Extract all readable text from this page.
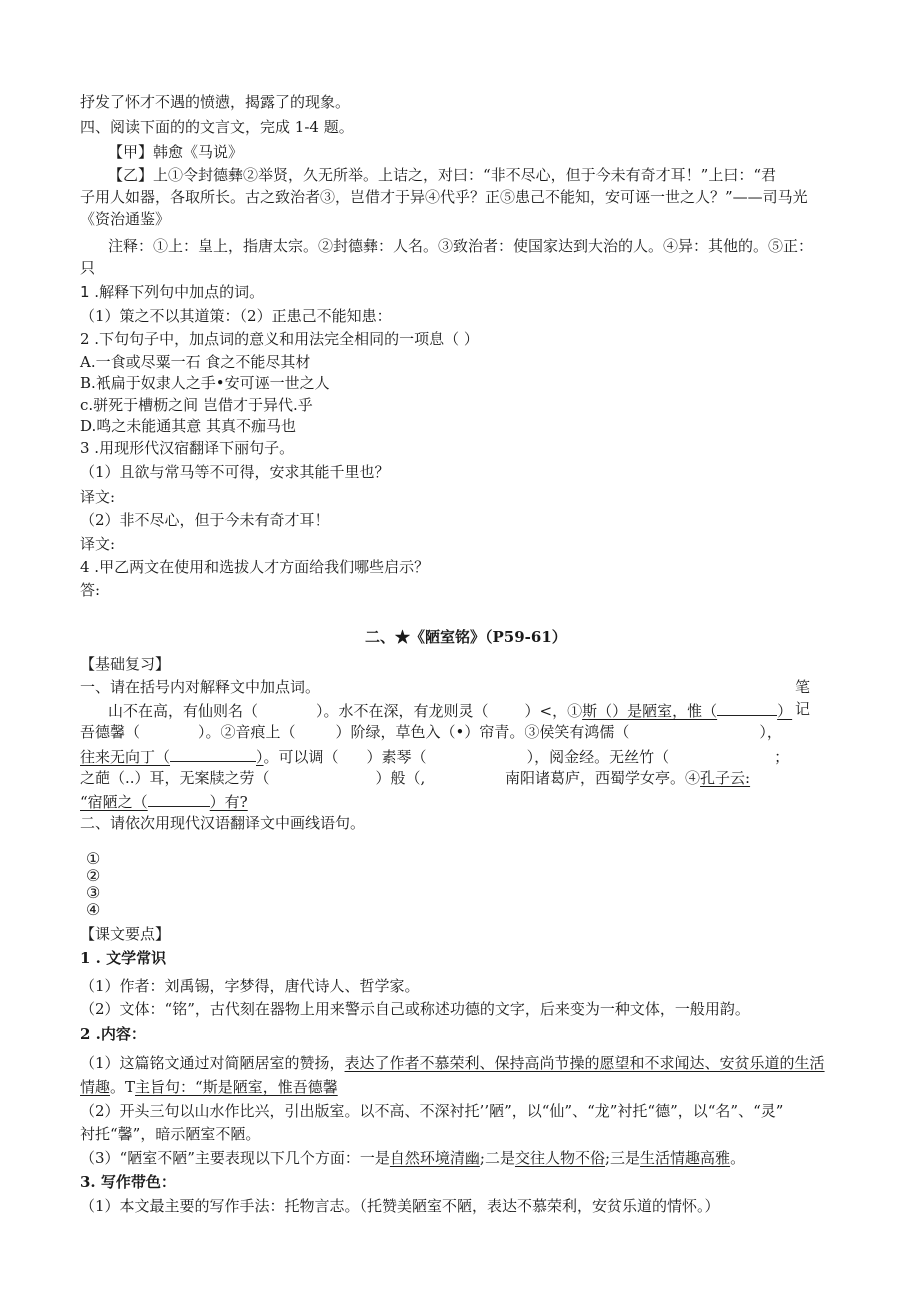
抒发了怀才不遇的愤懑，揭露了的现象。
四、阅读下面的的文言文，完成 1-4 题。
【甲】韩愈《马说》
【乙】上①令封德彝②举贤，久无所举。上诘之，对曰：“非不尽心，但于今未有奇才耳！”上曰：“君
子用人如器，各取所长。古之致治者③，岂借才于异④代乎？正⑤患己不能知，安可诬一世之人？”——司马光
《资治通鉴》
注释：①上：皇上，指唐太宗。②封德彝：人名。③致治者：使国家达到大治的人。④异：其他的。⑤正：
只
1 .解释下列句中加点的词。
（1）策之不以其道策：（2）正患己不能知患：
2 .下句句子中，加点词的意义和用法完全相同的一项息（ ）
A.一食或尽粟一石 食之不能尽其材
B.衹扁于奴隶人之手•安可诬一世之人
c.骈死于槽枥之间 岂借才于异代.乎
D.鸣之未能通其意 其真不痂马也
3 .用现形代汉宿翻译下丽句子。
（1）且欲与常马等不可得，安求其能千里也？
译文:
（2）非不尽心，但于今未有奇才耳！
译文:
4 .甲乙两文在使用和选拔人才方面给我们哪些启示？
答:
二、★《陋室铭》（P59-61）
【基础复习】
一、请在括号内对解释文中加点词。	笔
山不在高，有仙则名（	）。水不在深，有龙则灵（ ）<，①斯（）是陋室，惟（	） 记
吾德馨（	）。②音痕上（	）阶绿，草色入（•）帘青。③侯笑有鸿儒（	），
往来无向丁（	）。可以调（ ）素琴（	），阅金经。无丝竹（	；
之葩（..）耳，无案牍之劳（	）般（,	南阳诸葛庐，西蜀学女亭。④孔子云:
“宿陋之（	）有?
二、请依次用现代汉语翻译文中画线语句。
①
②
③
④
【课文要点】
1 . 文学常识
（1）作者：刘禹锡，字梦得，唐代诗人、哲学家。
（2）文体：“铭”，古代刻在器物上用来警示自己或称述功德的文字，后来变为一种文体，一般用韵。
2 .内容：
（1）这篇铭文通过对简陋居室的赞扬，表达了作者不慕荣利、保持高尚节操的愿望和不求闻达、安贫乐道的生活
情趣。T主旨句：“斯是陋室，惟吾德馨
（2）开头三句以山水作比兴，引出版室。以不高、不深衬托’’陋”，以“仙”、“龙”衬托“德”，以“名”、“灵”
衬托“馨”，暗示陋室不陋。
（3）“陋室不陋”主要表现以下几个方面：一是自然环境清幽;二是交往人物不俗;三是生活情趣高雅。
3. 写作带色：
（1）本文最主要的写作手法：托物言志。（托赞美陋室不陋，表达不慕荣利，安贫乐道的情怀。）
